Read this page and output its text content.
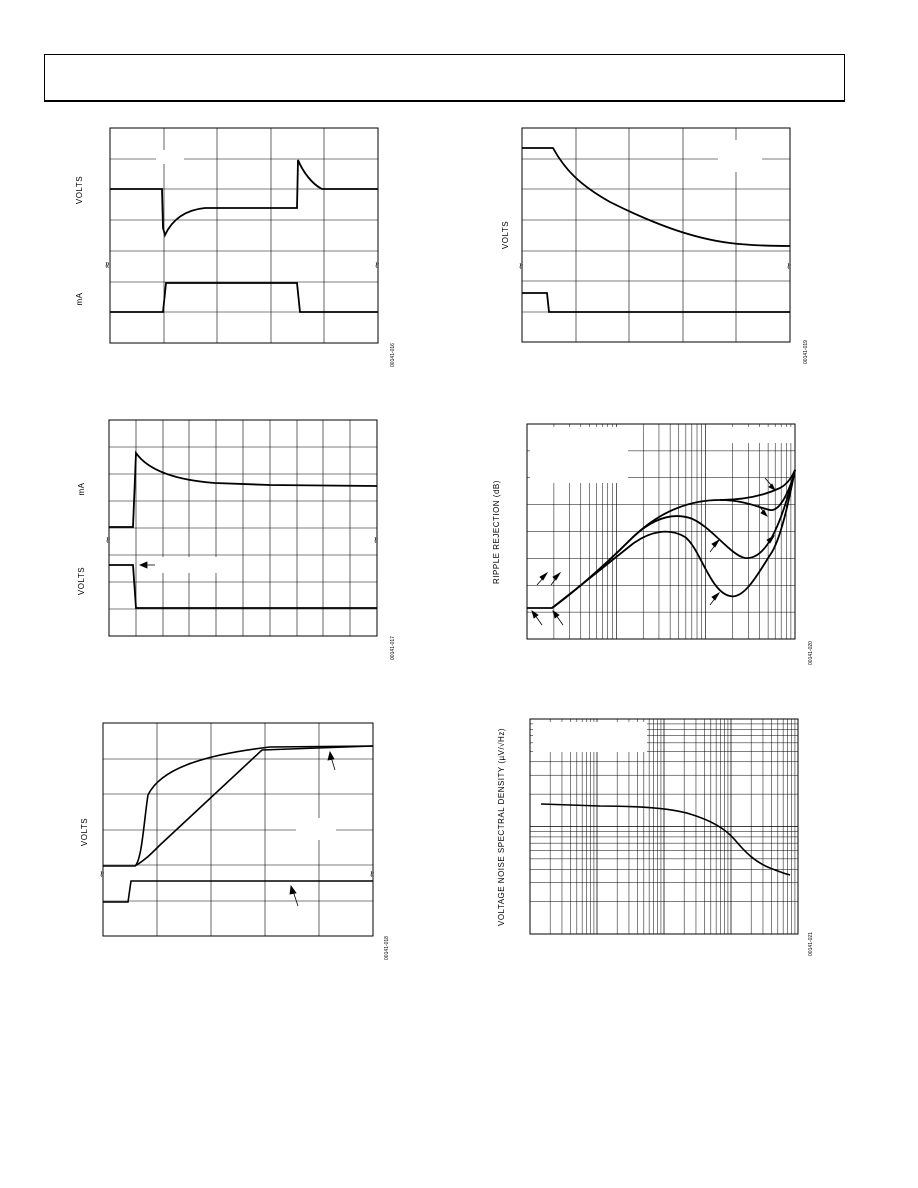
≈	≈
VOLTS
mA
00141-016
≈	≈
mA
VOLTS
00141-017
≈	≈
VOLTS
00141-018
≈	≈
VOLTS
00141-019
RIPPLE REJECTION (dB)
00141-020
VOLTAGE NOISE SPECTRAL DENSITY (µV/√Hz)
00141-021
